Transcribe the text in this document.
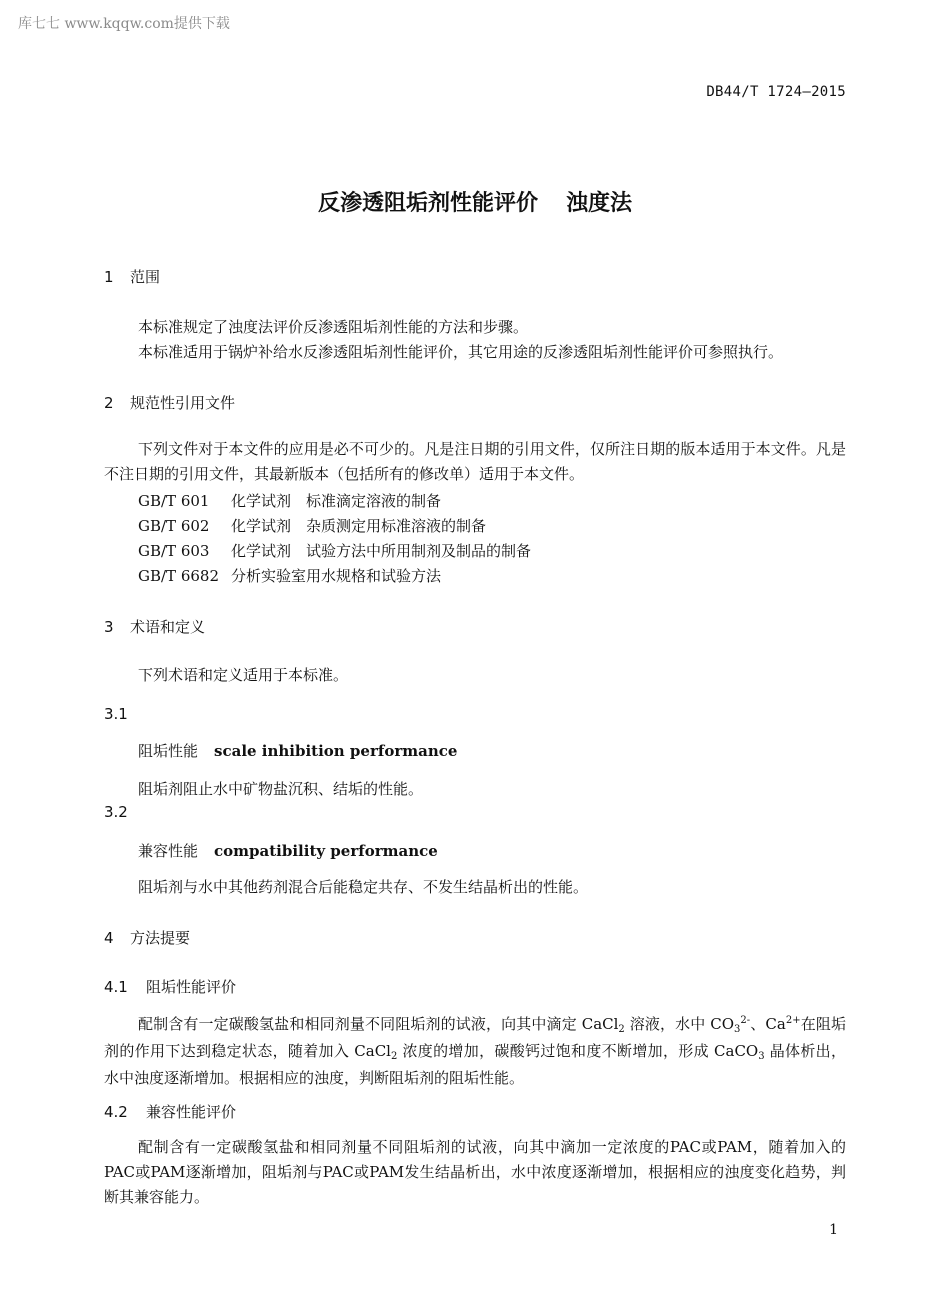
库七七 www.kqqw.com提供下载
DB44/T 1724—2015
反渗透阻垢剂性能评价 浊度法
1 范围
本标准规定了浊度法评价反渗透阻垢剂性能的方法和步骤。
本标准适用于锅炉补给水反渗透阻垢剂性能评价，其它用途的反渗透阻垢剂性能评价可参照执行。
2 规范性引用文件
下列文件对于本文件的应用是必不可少的。凡是注日期的引用文件，仅所注日期的版本适用于本文件。凡是不注日期的引用文件，其最新版本（包括所有的修改单）适用于本文件。
GB/T 601 化学试剂　标准滴定溶液的制备
GB/T 602 化学试剂　杂质测定用标准溶液的制备
GB/T 603 化学试剂　试验方法中所用制剂及制品的制备
GB/T 6682 分析实验室用水规格和试验方法
3 术语和定义
下列术语和定义适用于本标准。
3.1
阻垢性能 scale inhibition performance
阻垢剂阻止水中矿物盐沉积、结垢的性能。
3.2
兼容性能 compatibility performance
阻垢剂与水中其他药剂混合后能稳定共存、不发生结晶析出的性能。
4 方法提要
4.1 阻垢性能评价
配制含有一定碳酸氢盐和相同剂量不同阻垢剂的试液，向其中滴定 CaCl$_2$ 溶液，水中 $CO_3^{2-}$、$Ca^{2+}$在阻垢剂的作用下达到稳定状态，随着加入 CaCl$_2$ 浓度的增加，碳酸钙过饱和度不断增加，形成 CaCO$_3$ 晶体析出，水中浊度逐渐增加。根据相应的浊度，判断阻垢剂的阻垢性能。
4.2 兼容性能评价
配制含有一定碳酸氢盐和相同剂量不同阻垢剂的试液，向其中滴加一定浓度的PAC或PAM，随着加入的PAC或PAM逐渐增加，阻垢剂与PAC或PAM发生结晶析出，水中浓度逐渐增加，根据相应的浊度变化趋势，判断其兼容能力。
1
